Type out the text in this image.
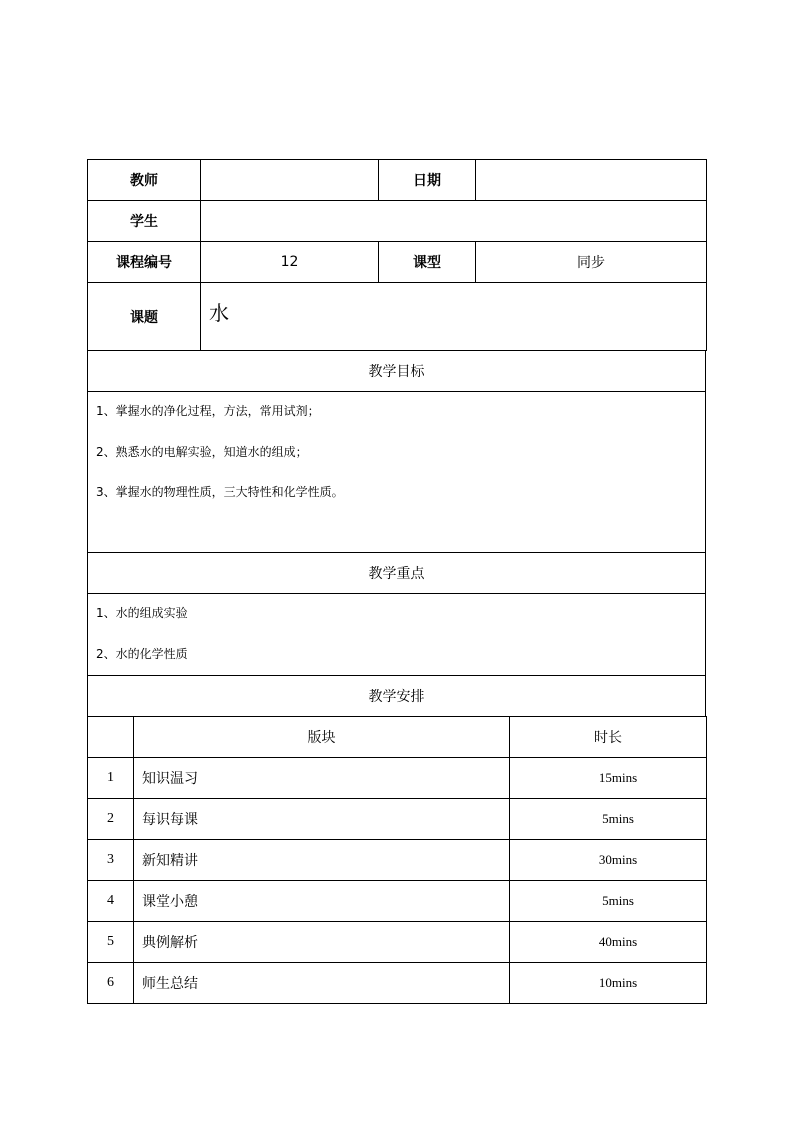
教师		日期	
学生			
课程编号	12	课型	同步
课题	水		
教学目标

1、掌握水的净化过程，方法，常用试剂；
2、熟悉水的电解实验，知道水的组成；
3、掌握水的物理性质，三大特性和化学性质。

教学重点

1、水的组成实验
2、水的化学性质

教学安排
	版块	时长
1	知识温习	15mins
2	每识每课	5mins
3	新知精讲	30mins
4	课堂小憩	5mins
5	典例解析	40mins
6	师生总结	10mins
